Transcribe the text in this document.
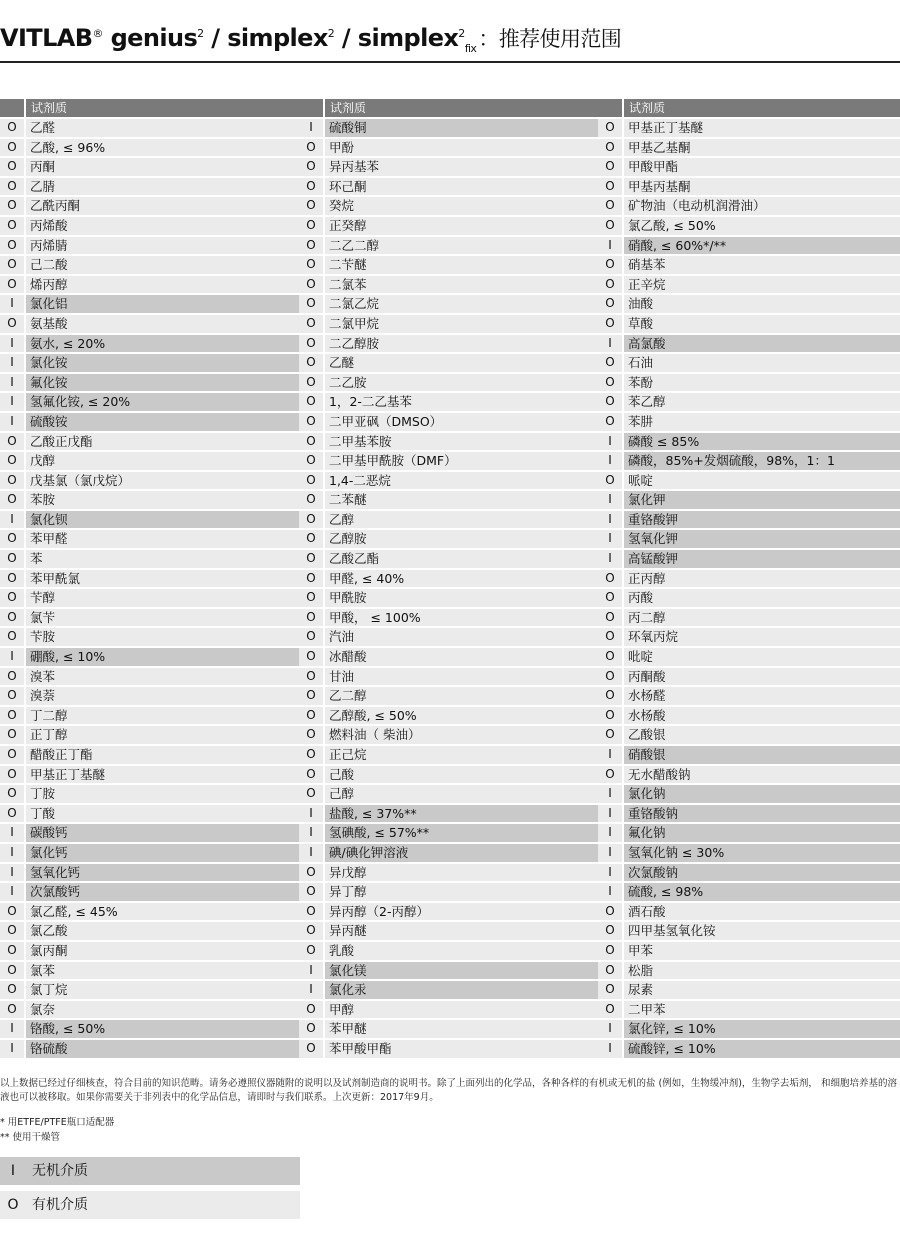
VITLAB® genius$^2$ / simplex$^2$ / simplex$^2_{fix}$：推荐使用范围
试剂质
O	乙醛
O	乙酸, ≤ 96%
O	丙酮
O	乙腈
O	乙酰丙酮
O	丙烯酸
O	丙烯腈
O	己二酸
O	烯丙醇
I	氯化铝
O	氨基酸
I	氨水, ≤ 20%
I	氯化铵
I	氟化铵
I	氢氟化铵, ≤ 20%
I	硫酸铵
O	乙酸正戊酯
O	戊醇
O	戊基氯（氯戊烷）
O	苯胺
I	氯化钡
O	苯甲醛
O	苯
O	苯甲酰氯
O	苄醇
O	氯苄
O	苄胺
I	硼酸, ≤ 10%
O	溴苯
O	溴萘
O	丁二醇
O	正丁醇
O	醋酸正丁酯
O	甲基正丁基醚
O	丁胺
O	丁酸
I	碳酸钙
I	氯化钙
I	氢氧化钙
I	次氯酸钙
O	氯乙醛, ≤ 45%
O	氯乙酸
O	氯丙酮
O	氯苯
O	氯丁烷
O	氯奈
I	铬酸, ≤ 50%
I	铬硫酸
试剂质
I	硫酸铜
O	甲酚
O	异丙基苯
O	环己酮
O	癸烷
O	正癸醇
O	二乙二醇
O	二苄醚
O	二氯苯
O	二氯乙烷
O	二氯甲烷
O	二乙醇胺
O	乙醚
O	二乙胺
O	1，2-二乙基苯
O	二甲亚砜（DMSO）
O	二甲基苯胺
O	二甲基甲酰胺（DMF）
O	1,4-二恶烷
O	二苯醚
O	乙醇
O	乙醇胺
O	乙酸乙酯
O	甲醛, ≤ 40%
O	甲酰胺
O	甲酸， ≤ 100%
O	汽油
O	冰醋酸
O	甘油
O	乙二醇
O	乙醇酸, ≤ 50%
O	燃料油（ 柴油）
O	正己烷
O	己酸
O	己醇
I	盐酸, ≤ 37%**
I	氢碘酸, ≤ 57%**
I	碘/碘化钾溶液
O	异戊醇
O	异丁醇
O	异丙醇（2-丙醇）
O	异丙醚
O	乳酸
I	氯化镁
I	氯化汞
O	甲醇
O	苯甲醚
O	苯甲酸甲酯
试剂质
O	甲基正丁基醚
O	甲基乙基酮
O	甲酸甲酯
O	甲基丙基酮
O	矿物油（电动机润滑油）
O	氯乙酸, ≤ 50%
I	硝酸, ≤ 60%*/**
O	硝基苯
O	正辛烷
O	油酸
O	草酸
I	高氯酸
O	石油
O	苯酚
O	苯乙醇
O	苯肼
I	磷酸 ≤ 85%
I	磷酸，85%+发烟硫酸，98%，1：1
O	哌啶
I	氯化钾
I	重铬酸钾
I	氢氧化钾
I	高锰酸钾
O	正丙醇
O	丙酸
O	丙二醇
O	环氧丙烷
O	吡啶
O	丙酮酸
O	水杨醛
O	水杨酸
O	乙酸银
I	硝酸银
O	无水醋酸钠
I	氯化钠
I	重铬酸钠
I	氟化钠
I	氢氧化钠 ≤ 30%
I	次氯酸钠
I	硫酸, ≤ 98%
O	酒石酸
O	四甲基氢氧化铵
O	甲苯
O	松脂
O	尿素
O	二甲苯
I	氯化锌, ≤ 10%
I	硫酸锌, ≤ 10%
以上数据已经过仔细核查，符合目前的知识范畴。请务必遵照仪器随附的说明以及试剂制造商的说明书。除了上面列出的化学品，各种各样的有机或无机的盐 (例如，生物缓冲剂)，生物学去垢剂， 和细胞培养基的溶液也可以被移取。如果你需要关于非列表中的化学品信息，请即时与我们联系。上次更新：2017年9月。
* 用ETFE/PTFE瓶口适配器
** 使用干燥管
I	无机介质
O 有机介质
